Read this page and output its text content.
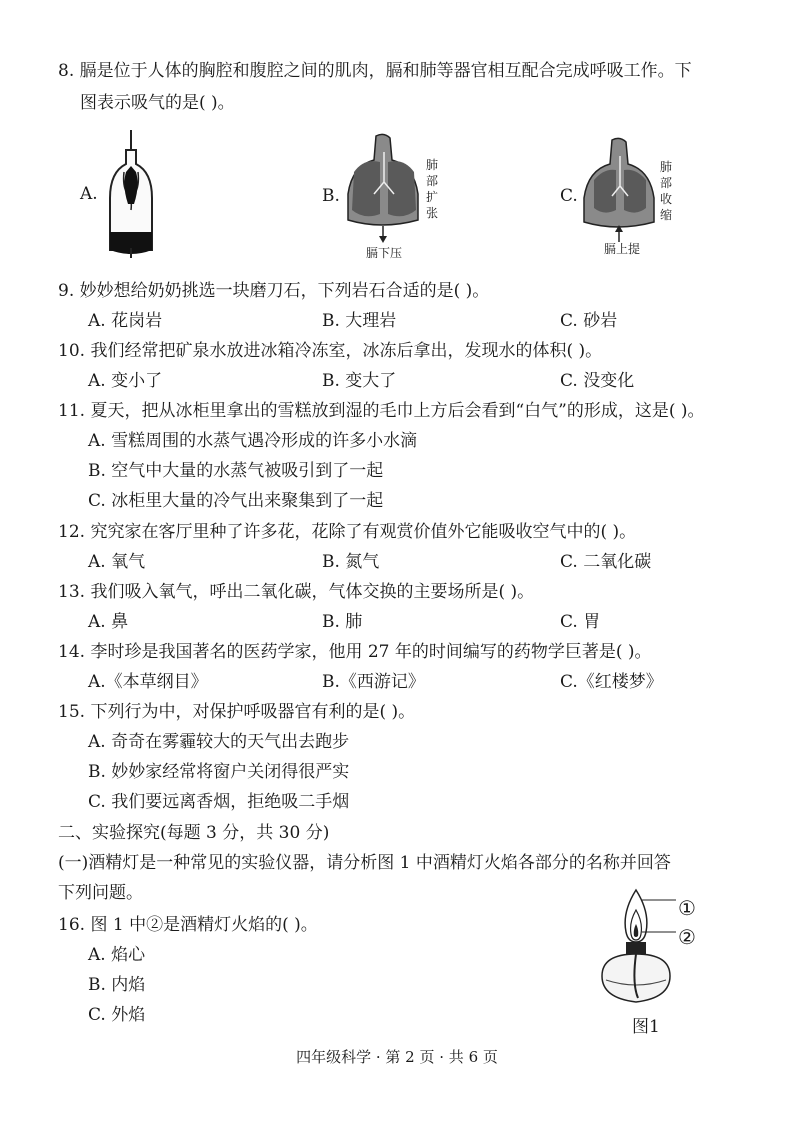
8. 膈是位于人体的胸腔和腹腔之间的肌肉，膈和肺等器官相互配合完成呼吸工作。下
图表示吸气的是( )。
A.	B.
肺
部
扩
张
膈下压
C.
肺
部
收
缩
膈上提
9. 妙妙想给奶奶挑选一块磨刀石，下列岩石合适的是( )。
A. 花岗岩	B. 大理岩	C. 砂岩
10. 我们经常把矿泉水放进冰箱冷冻室，冰冻后拿出，发现水的体积( )。
A. 变小了	B. 变大了	C. 没变化
11. 夏天，把从冰柜里拿出的雪糕放到湿的毛巾上方后会看到“白气”的形成，这是( )。
A. 雪糕周围的水蒸气遇冷形成的许多小水滴
B. 空气中大量的水蒸气被吸引到了一起
C. 冰柜里大量的冷气出来聚集到了一起
12. 究究家在客厅里种了许多花，花除了有观赏价值外它能吸收空气中的( )。
A. 氧气	B. 氮气	C. 二氧化碳
13. 我们吸入氧气，呼出二氧化碳，气体交换的主要场所是( )。
A. 鼻	B. 肺	C. 胃
14. 李时珍是我国著名的医药学家，他用 27 年的时间编写的药物学巨著是( )。
A.《本草纲目》	B.《西游记》	C.《红楼梦》
15. 下列行为中，对保护呼吸器官有利的是( )。
A. 奇奇在雾霾较大的天气出去跑步
B. 妙妙家经常将窗户关闭得很严实
C. 我们要远离香烟，拒绝吸二手烟
二、实验探究(每题 3 分，共 30 分)
(一)酒精灯是一种常见的实验仪器，请分析图 1 中酒精灯火焰各部分的名称并回答
下列问题。
16. 图 1 中②是酒精灯火焰的( )。
A. 焰心
B. 内焰
C. 外焰
①
②
图1
四年级科学 · 第 2 页 · 共 6 页
